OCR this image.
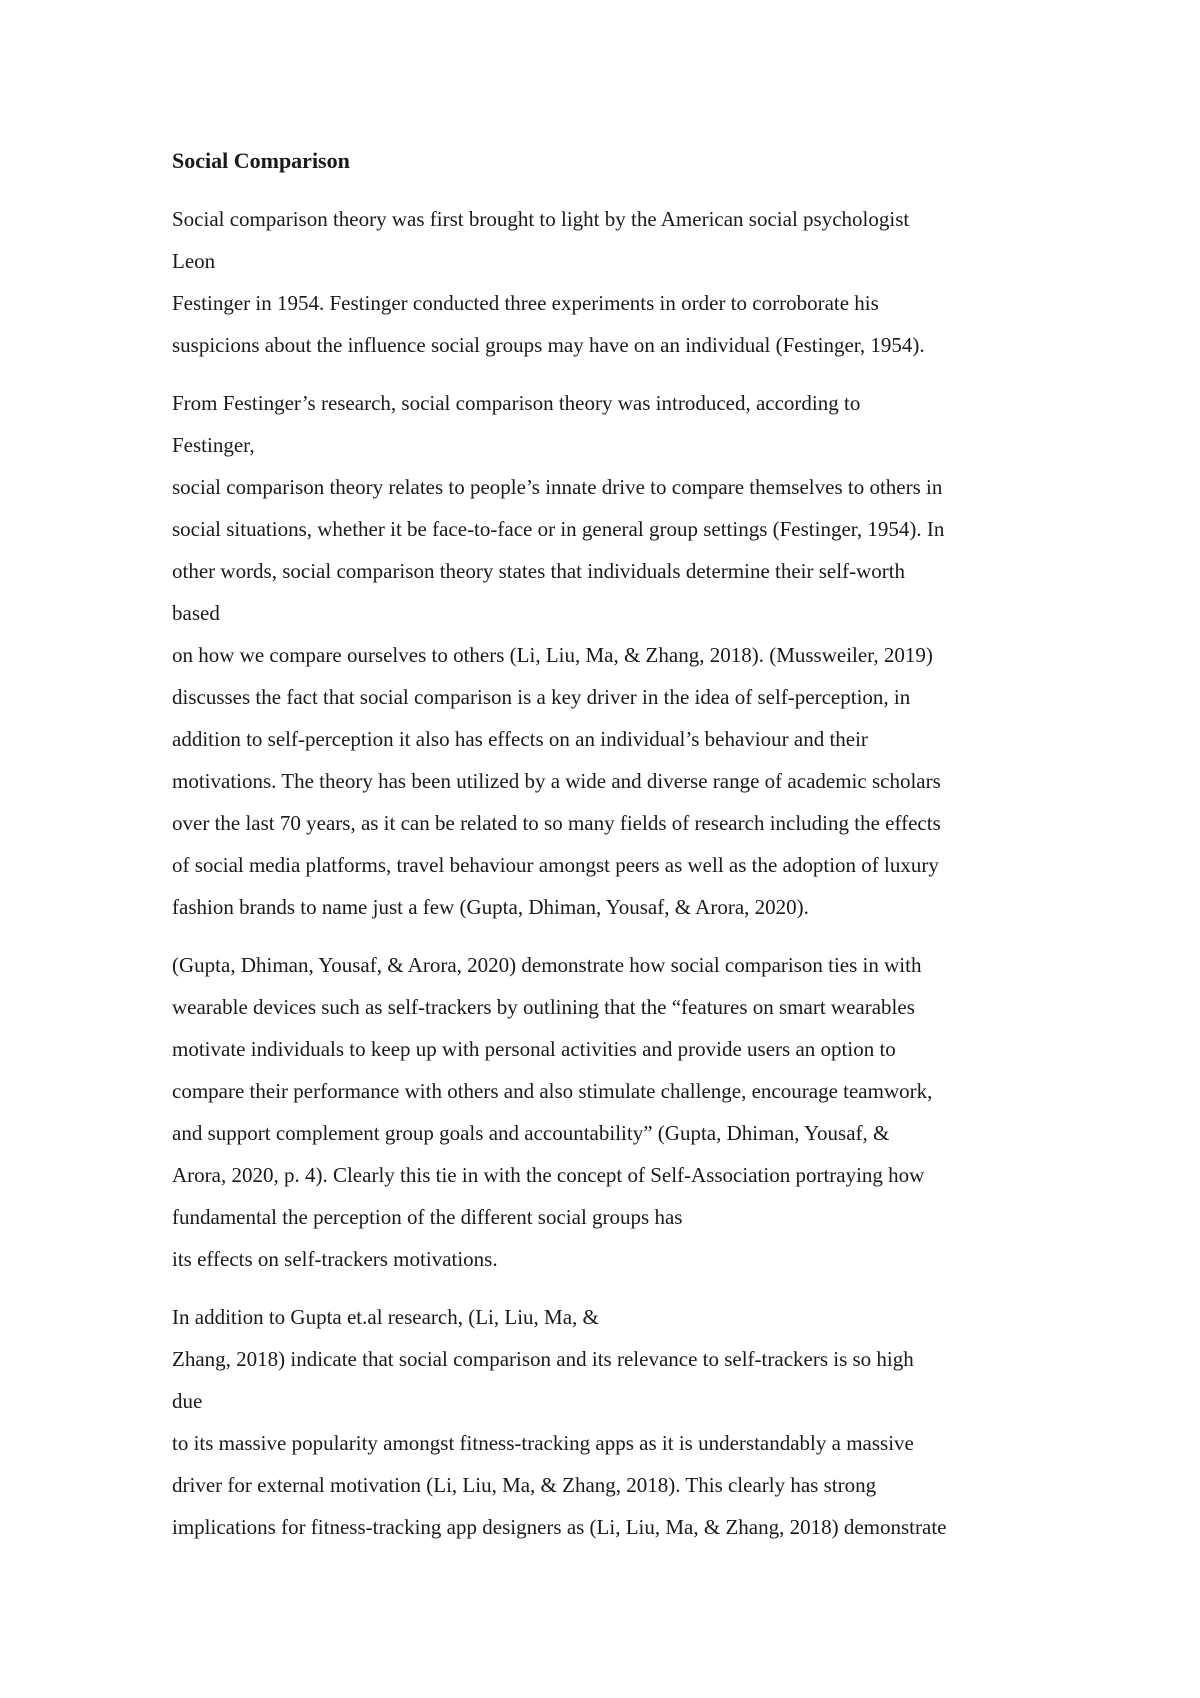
Social Comparison
Social comparison theory was first brought to light by the American social psychologist
Leon
Festinger in 1954. Festinger conducted three experiments in order to corroborate his
suspicions about the influence social groups may have on an individual (Festinger, 1954).
From Festinger’s research, social comparison theory was introduced, according to
Festinger,
social comparison theory relates to people’s innate drive to compare themselves to others in
social situations, whether it be face-to-face or in general group settings (Festinger, 1954). In
other words, social comparison theory states that individuals determine their self-worth
based
on how we compare ourselves to others (Li, Liu, Ma, & Zhang, 2018). (Mussweiler, 2019)
discusses the fact that social comparison is a key driver in the idea of self-perception, in
addition to self-perception it also has effects on an individual’s behaviour and their
motivations. The theory has been utilized by a wide and diverse range of academic scholars
over the last 70 years, as it can be related to so many fields of research including the effects
of social media platforms, travel behaviour amongst peers as well as the adoption of luxury
fashion brands to name just a few (Gupta, Dhiman, Yousaf, & Arora, 2020).
(Gupta, Dhiman, Yousaf, & Arora, 2020) demonstrate how social comparison ties in with
wearable devices such as self-trackers by outlining that the “features on smart wearables
motivate individuals to keep up with personal activities and provide users an option to
compare their performance with others and also stimulate challenge, encourage teamwork,
and support complement group goals and accountability” (Gupta, Dhiman, Yousaf, &
Arora, 2020, p. 4). Clearly this tie in with the concept of Self-Association portraying how
fundamental the perception of the different social groups has
its effects on self-trackers motivations.
In addition to Gupta et.al research, (Li, Liu, Ma, &
Zhang, 2018) indicate that social comparison and its relevance to self-trackers is so high
due
to its massive popularity amongst fitness-tracking apps as it is understandably a massive
driver for external motivation (Li, Liu, Ma, & Zhang, 2018). This clearly has strong
implications for fitness-tracking app designers as (Li, Liu, Ma, & Zhang, 2018) demonstrate
